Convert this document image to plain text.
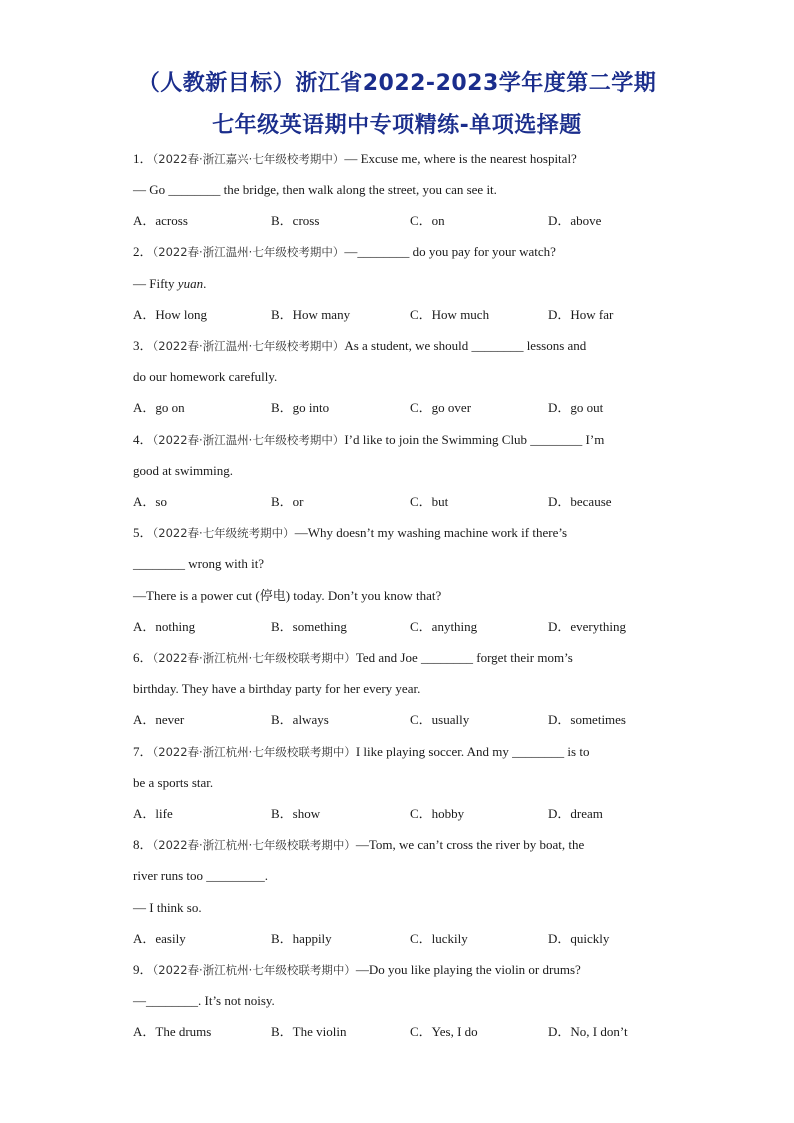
（人教新目标）浙江省2022-2023学年度第二学期
七年级英语期中专项精练-单项选择题
1．（2022春·浙江嘉兴·七年级校考期中）— Excuse me, where is the nearest hospital?
— Go ________ the bridge, then walk along the street, you can see it.
A．across	B．cross	C．on	D．above
2．（2022春·浙江温州·七年级校考期中）—________ do you pay for your watch?
— Fifty yuan.
A．How long	B．How many	C．How much	D．How far
3．（2022春·浙江温州·七年级校考期中）As a student, we should ________ lessons and
do our homework carefully.
A．go on	B．go into	C．go over	D．go out
4．（2022春·浙江温州·七年级校考期中）I’d like to join the Swimming Club ________ I’m
good at swimming.
A．so	B．or	C．but	D．because
5．（2022春·七年级统考期中）—Why doesn’t my washing machine work if there’s
________ wrong with it?
—There is a power cut (停电) today. Don’t you know that?
A．nothing	B．something	C．anything	D．everything
6．（2022春·浙江杭州·七年级校联考期中）Ted and Joe ________ forget their mom’s
birthday. They have a birthday party for her every year.
A．never	B．always	C．usually	D．sometimes
7．（2022春·浙江杭州·七年级校联考期中）I like playing soccer. And my ________ is to
be a sports star.
A．life	B．show	C．hobby	D．dream
8．（2022春·浙江杭州·七年级校联考期中）—Tom, we can’t cross the river by boat, the
river runs too _________.
— I think so.
A．easily	B．happily	C．luckily	D．quickly
9．（2022春·浙江杭州·七年级校联考期中）—Do you like playing the violin or drums?
—________. It’s not noisy.
A．The drums	B．The violin	C．Yes, I do	D．No, I don’t
